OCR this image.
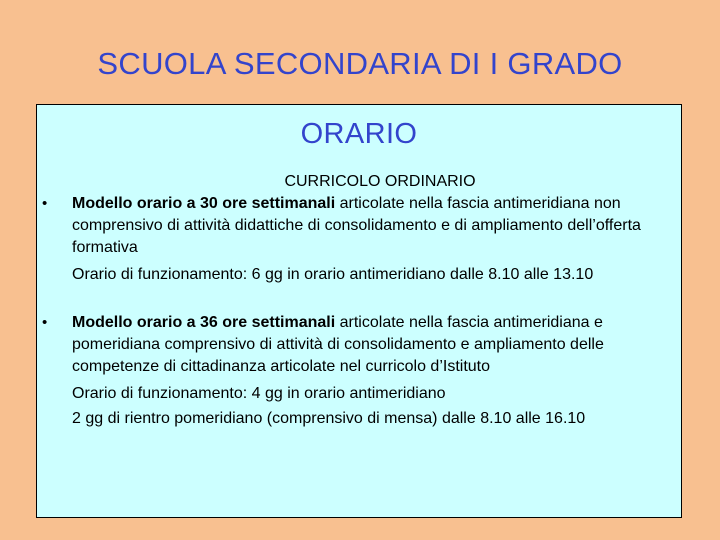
SCUOLA SECONDARIA DI I GRADO
ORARIO
CURRICOLO ORDINARIO
• Modello orario a 30 ore settimanali articolate nella fascia antimeridiana non comprensivo di attività didattiche di consolidamento e di ampliamento dell’offerta formativa
Orario di funzionamento: 6 gg in orario antimeridiano dalle 8.10 alle 13.10
• Modello orario a 36 ore settimanali articolate nella fascia antimeridiana e pomeridiana comprensivo di attività di consolidamento e ampliamento delle competenze di cittadinanza articolate nel curricolo d’Istituto
Orario di funzionamento: 4 gg in orario antimeridiano
2 gg di rientro pomeridiano (comprensivo di mensa) dalle 8.10 alle 16.10
